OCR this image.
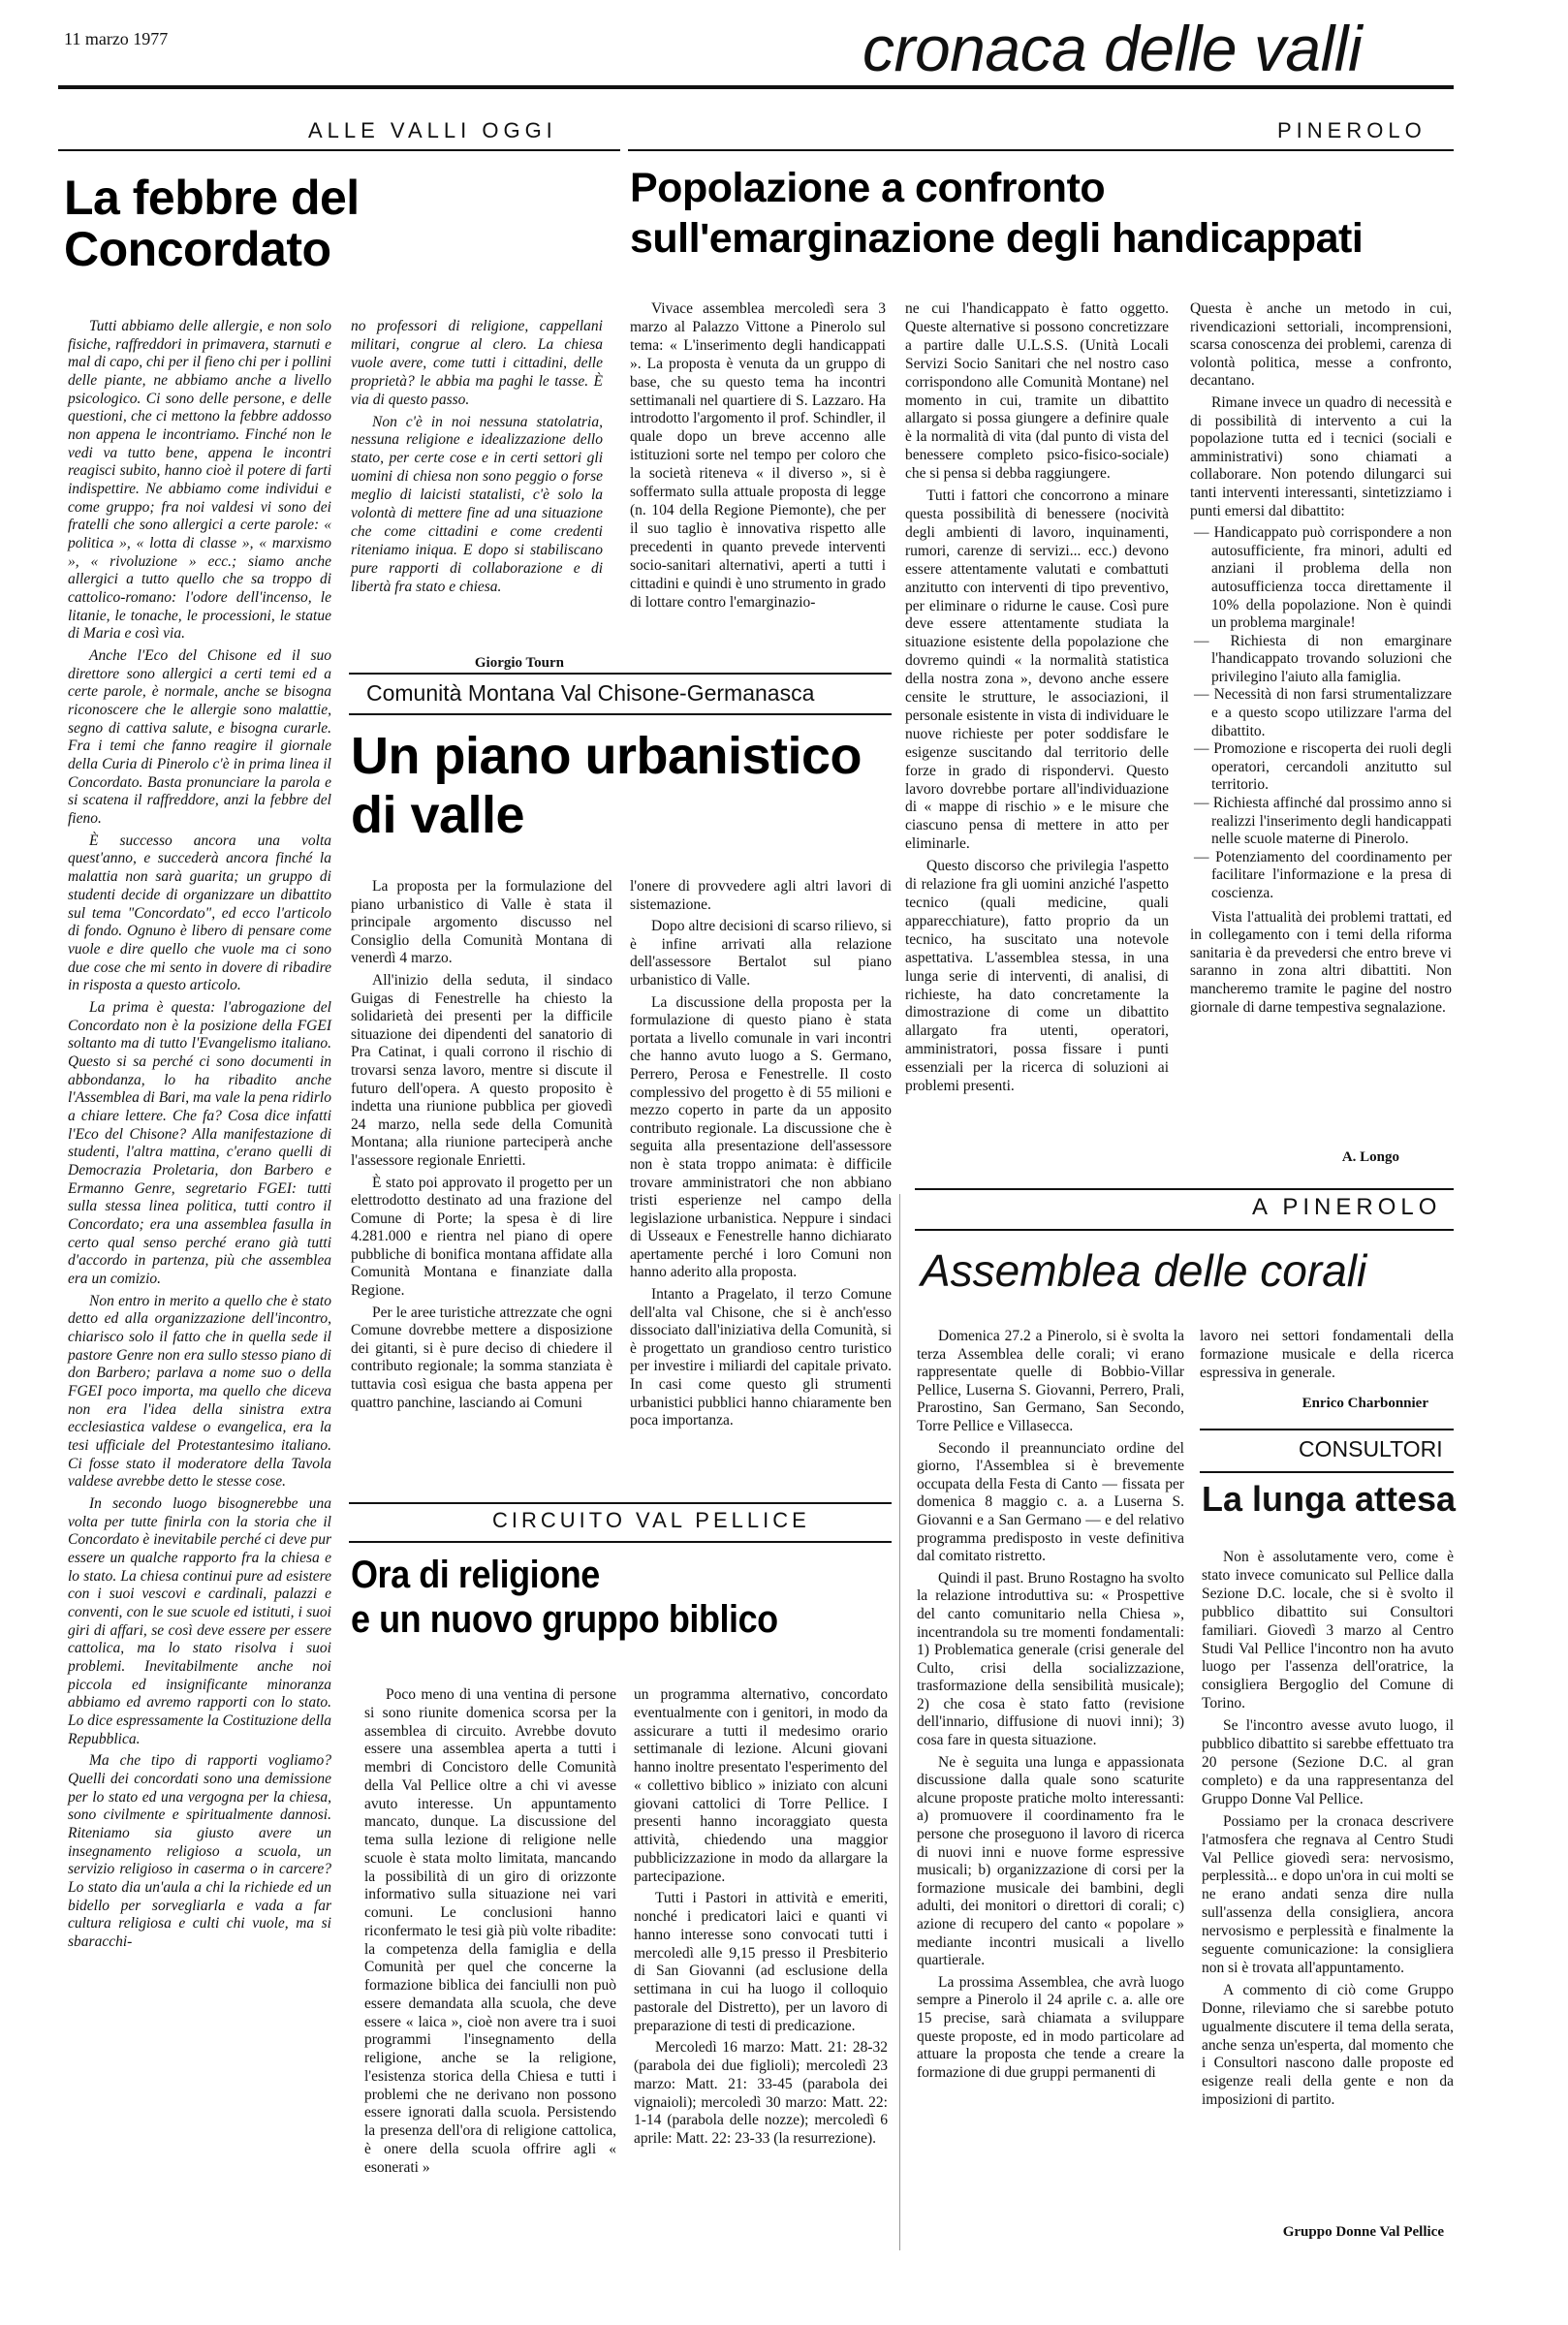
11 marzo 1977	cronaca delle valli
ALLE VALLI OGGI	PINEROLO
La febbre del Concordato

Tutti abbiamo delle allergie, e non solo fisiche, raffreddori in primavera, starnuti e mal di capo, chi per il fieno chi per i pollini delle piante, ne abbiamo anche a livello psicologico. Ci sono delle persone, e delle questioni, che ci mettono la febbre addosso non appena le incontriamo. Finché non le vedi va tutto bene, appena le incontri reagisci subito, hanno cioè il potere di farti indispettire. Ne abbiamo come individui e come gruppo; fra noi valdesi vi sono dei fratelli che sono allergici a certe parole: « politica », « lotta di classe », « marxismo », « rivoluzione » ecc.; siamo anche allergici a tutto quello che sa troppo di cattolico-romano: l'odore dell'incenso, le litanie, le tonache, le processioni, le statue di Maria e così via.

Anche l'Eco del Chisone ed il suo direttore sono allergici a certi temi ed a certe parole, è normale, anche se bisogna riconoscere che le allergie sono malattie, segno di cattiva salute, e bisogna curarle. Fra i temi che fanno reagire il giornale della Curia di Pinerolo c'è in prima linea il Concordato. Basta pronunciare la parola e si scatena il raffreddore, anzi la febbre del fieno.

È successo ancora una volta quest'anno, e succederà ancora finché la malattia non sarà guarita; un gruppo di studenti decide di organizzare un dibattito sul tema "Concordato", ed ecco l'articolo di fondo. Ognuno è libero di pensare come vuole e dire quello che vuole ma ci sono due cose che mi sento in dovere di ribadire in risposta a questo articolo.

La prima è questa: l'abrogazione del Concordato non è la posizione della FGEI soltanto ma di tutto l'Evangelismo italiano. Questo si sa perché ci sono documenti in abbondanza, lo ha ribadito anche l'Assemblea di Bari, ma vale la pena ridirlo a chiare lettere. Che fa? Cosa dice infatti l'Eco del Chisone? Alla manifestazione di studenti, l'altra mattina, c'erano quelli di Democrazia Proletaria, don Barbero e Ermanno Genre, segretario FGEI: tutti sulla stessa linea politica, tutti contro il Concordato; era una assemblea fasulla in certo qual senso perché erano già tutti d'accordo in partenza, più che assemblea era un comizio.

Non entro in merito a quello che è stato detto ed alla organizzazione dell'incontro, chiarisco solo il fatto che in quella sede il pastore Genre non era sullo stesso piano di don Barbero; parlava a nome suo o della FGEI poco importa, ma quello che diceva non era l'idea della sinistra extra ecclesiastica valdese o evangelica, era la tesi ufficiale del Protestantesimo italiano. Ci fosse stato il moderatore della Tavola valdese avrebbe detto le stesse cose.

In secondo luogo bisognerebbe una volta per tutte finirla con la storia che il Concordato è inevitabile perché ci deve pur essere un qualche rapporto fra la chiesa e lo stato. La chiesa continui pure ad esistere con i suoi vescovi e cardinali, palazzi e conventi, con le sue scuole ed istituti, i suoi giri di affari, se così deve essere per essere cattolica, ma lo stato risolva i suoi problemi. Inevitabilmente anche noi piccola ed insignificante minoranza abbiamo ed avremo rapporti con lo stato. Lo dice espressamente la Costituzione della Repubblica.

Ma che tipo di rapporti vogliamo? Quelli dei concordati sono una demissione per lo stato ed una vergogna per la chiesa, sono civilmente e spiritualmente dannosi. Riteniamo sia giusto avere un insegnamento religioso a scuola, un servizio religioso in caserma o in carcere? Lo stato dia un'aula a chi la richiede ed un bidello per sorvegliarla e vada a far cultura religiosa e culti chi vuole, ma si sbaracchi-

no professori di religione, cappellani militari, congrue al clero. La chiesa vuole avere, come tutti i cittadini, delle proprietà? le abbia ma paghi le tasse. È via di questo passo.

Non c'è in noi nessuna statolatria, nessuna religione e idealizzazione dello stato, per certe cose e in certi settori gli uomini di chiesa non sono peggio o forse meglio di laicisti statalisti, c'è solo la volontà di mettere fine ad una situazione che come cittadini e come credenti riteniamo iniqua. E dopo si stabiliscano pure rapporti di collaborazione e di libertà fra stato e chiesa.

Giorgio Tourn
Popolazione a confronto
sull'emarginazione degli handicappati

Vivace assemblea mercoledì sera 3 marzo al Palazzo Vittone a Pinerolo sul tema: « L'inserimento degli handicappati ». La proposta è venuta da un gruppo di base, che su questo tema ha incontri settimanali nel quartiere di S. Lazzaro. Ha introdotto l'argomento il prof. Schindler, il quale dopo un breve accenno alle istituzioni sorte nel tempo per coloro che la società riteneva « il diverso », si è soffermato sulla attuale proposta di legge (n. 104 della Regione Piemonte), che per il suo taglio è innovativa rispetto alle precedenti in quanto prevede interventi socio-sanitari alternativi, aperti a tutti i cittadini e quindi è uno strumento in grado di lottare contro l'emarginazio-

ne cui l'handicappato è fatto oggetto. Queste alternative si possono concretizzare a partire dalle U.L.S.S. (Unità Locali Servizi Socio Sanitari che nel nostro caso corrispondono alle Comunità Montane) nel momento in cui, tramite un dibattito allargato si possa giungere a definire quale è la normalità di vita (dal punto di vista del benessere completo psico-fisico-sociale) che si pensa si debba raggiungere.

Tutti i fattori che concorrono a minare questa possibilità di benessere (nocività degli ambienti di lavoro, inquinamenti, rumori, carenze di servizi... ecc.) devono essere attentamente valutati e combattuti anzitutto con interventi di tipo preventivo, per eliminare o ridurne le cause. Così pure deve essere attentamente studiata la situazione esistente della popolazione che dovremo quindi « la normalità statistica della nostra zona », devono anche essere censite le strutture, le associazioni, il personale esistente in vista di individuare le nuove richieste per poter soddisfare le esigenze suscitando dal territorio delle forze in grado di rispondervi. Questo lavoro dovrebbe portare all'individuazione di « mappe di rischio » e le misure che ciascuno pensa di mettere in atto per eliminarle.

Questo discorso che privilegia l'aspetto di relazione fra gli uomini anziché l'aspetto tecnico (quali medicine, quali apparecchiature), fatto proprio da un tecnico, ha suscitato una notevole aspettativa. L'assemblea stessa, in una lunga serie di interventi, di analisi, di richieste, ha dato concretamente la dimostrazione di come un dibattito allargato fra utenti, operatori, amministratori, possa fissare i punti essenziali per la ricerca di soluzioni ai problemi presenti.

Questa è anche un metodo in cui, rivendicazioni settoriali, incomprensioni, scarsa conoscenza dei problemi, carenza di volontà politica, messe a confronto, decantano.

Rimane invece un quadro di necessità e di possibilità di intervento a cui la popolazione tutta ed i tecnici (sociali e amministrativi) sono chiamati a collaborare. Non potendo dilungarci sui tanti interventi interessanti, sintetizziamo i punti emersi dal dibattito:

— Handicappato può corrispondere a non autosufficiente, fra minori, adulti ed anziani il problema della non autosufficienza tocca direttamente il 10% della popolazione. Non è quindi un problema marginale!
— Richiesta di non emarginare l'handicappato trovando soluzioni che privilegino l'aiuto alla famiglia.
— Necessità di non farsi strumentalizzare e a questo scopo utilizzare l'arma del dibattito.
— Promozione e riscoperta dei ruoli degli operatori, cercandoli anzitutto sul territorio.
— Richiesta affinché dal prossimo anno si realizzi l'inserimento degli handicappati nelle scuole materne di Pinerolo.
— Potenziamento del coordinamento per facilitare l'informazione e la presa di coscienza.

Vista l'attualità dei problemi trattati, ed in collegamento con i temi della riforma sanitaria è da prevedersi che entro breve vi saranno in zona altri dibattiti. Non mancheremo tramite le pagine del nostro giornale di darne tempestiva segnalazione.

A. Longo
Comunità Montana Val Chisone-Germanasca
Un piano urbanistico
di valle

La proposta per la formulazione del piano urbanistico di Valle è stata il principale argomento discusso nel Consiglio della Comunità Montana di venerdì 4 marzo.

All'inizio della seduta, il sindaco Guigas di Fenestrelle ha chiesto la solidarietà dei presenti per la difficile situazione dei dipendenti del sanatorio di Pra Catinat, i quali corrono il rischio di trovarsi senza lavoro, mentre si discute il futuro dell'opera. A questo proposito è indetta una riunione pubblica per giovedì 24 marzo, nella sede della Comunità Montana; alla riunione parteciperà anche l'assessore regionale Enrietti.

È stato poi approvato il progetto per un elettrodotto destinato ad una frazione del Comune di Porte; la spesa è di lire 4.281.000 e rientra nel piano di opere pubbliche di bonifica montana affidate alla Comunità Montana e finanziate dalla Regione.

Per le aree turistiche attrezzate che ogni Comune dovrebbe mettere a disposizione dei gitanti, si è pure deciso di chiedere il contributo regionale; la somma stanziata è tuttavia così esigua che basta appena per quattro panchine, lasciando ai Comuni

l'onere di provvedere agli altri lavori di sistemazione.

Dopo altre decisioni di scarso rilievo, si è infine arrivati alla relazione dell'assessore Bertalot sul piano urbanistico di Valle.

La discussione della proposta per la formulazione di questo piano è stata portata a livello comunale in vari incontri che hanno avuto luogo a S. Germano, Perrero, Perosa e Fenestrelle. Il costo complessivo del progetto è di 55 milioni e mezzo coperto in parte da un apposito contributo regionale. La discussione che è seguita alla presentazione dell'assessore non è stata troppo animata: è difficile trovare amministratori che non abbiano tristi esperienze nel campo della legislazione urbanistica. Neppure i sindaci di Usseaux e Fenestrelle hanno dichiarato apertamente perché i loro Comuni non hanno aderito alla proposta.

Intanto a Pragelato, il terzo Comune dell'alta val Chisone, che si è anch'esso dissociato dall'iniziativa della Comunità, si è progettato un grandioso centro turistico per investire i miliardi del capitale privato. In casi come questo gli strumenti urbanistici pubblici hanno chiaramente ben poca importanza.

CIRCUITO VAL PELLICE
Ora di religione
e un nuovo gruppo biblico

Poco meno di una ventina di persone si sono riunite domenica scorsa per la assemblea di circuito. Avrebbe dovuto essere una assemblea aperta a tutti i membri di Concistoro delle Comunità della Val Pellice oltre a chi vi avesse avuto interesse. Un appuntamento mancato, dunque. La discussione del tema sulla lezione di religione nelle scuole è stata molto limitata, mancando la possibilità di un giro di orizzonte informativo sulla situazione nei vari comuni. Le conclusioni hanno riconfermato le tesi già più volte ribadite: la competenza della famiglia e della Comunità per quel che concerne la formazione biblica dei fanciulli non può essere demandata alla scuola, che deve essere « laica », cioè non avere tra i suoi programmi l'insegnamento della religione, anche se la religione, l'esistenza storica della Chiesa e tutti i problemi che ne derivano non possono essere ignorati dalla scuola. Persistendo la presenza dell'ora di religione cattolica, è onere della scuola offrire agli « esonerati »

un programma alternativo, concordato eventualmente con i genitori, in modo da assicurare a tutti il medesimo orario settimanale di lezione. Alcuni giovani hanno inoltre presentato l'esperimento del « collettivo biblico » iniziato con alcuni giovani cattolici di Torre Pellice. I presenti hanno incoraggiato questa attività, chiedendo una maggior pubblicizzazione in modo da allargare la partecipazione.

Tutti i Pastori in attività e emeriti, nonché i predicatori laici e quanti vi hanno interesse sono convocati tutti i mercoledì alle 9,15 presso il Presbiterio di San Giovanni (ad esclusione della settimana in cui ha luogo il colloquio pastorale del Distretto), per un lavoro di preparazione di testi di predicazione.

Mercoledì 16 marzo: Matt. 21: 28-32 (parabola dei due figlioli); mercoledì 23 marzo: Matt. 21: 33-45 (parabola dei vignaioli); mercoledì 30 marzo: Matt. 22: 1-14 (parabola delle nozze); mercoledì 6 aprile: Matt. 22: 23-33 (la resurrezione).

A PINEROLO
Assemblea delle corali

Domenica 27.2 a Pinerolo, si è svolta la terza Assemblea delle corali; vi erano rappresentate quelle di Bobbio-Villar Pellice, Luserna S. Giovanni, Perrero, Prali, Prarostino, San Germano, San Secondo, Torre Pellice e Villasecca.

Secondo il preannunciato ordine del giorno, l'Assemblea si è brevemente occupata della Festa di Canto — fissata per domenica 8 maggio c. a. a Luserna S. Giovanni e a San Germano — e del relativo programma predisposto in veste definitiva dal comitato ristretto.

Quindi il past. Bruno Rostagno ha svolto la relazione introduttiva su: « Prospettive del canto comunitario nella Chiesa », incentrandola su tre momenti fondamentali: 1) Problematica generale (crisi generale del Culto, crisi della socializzazione, trasformazione della sensibilità musicale); 2) che cosa è stato fatto (revisione dell'innario, diffusione di nuovi inni); 3) cosa fare in questa situazione.

Ne è seguita una lunga e appassionata discussione dalla quale sono scaturite alcune proposte pratiche molto interessanti: a) promuovere il coordinamento fra le persone che proseguono il lavoro di ricerca di nuovi inni e nuove forme espressive musicali; b) organizzazione di corsi per la formazione musicale dei bambini, degli adulti, dei monitori o direttori di corali; c) azione di recupero del canto « popolare » mediante incontri musicali a livello quartierale.

La prossima Assemblea, che avrà luogo sempre a Pinerolo il 24 aprile c. a. alle ore 15 precise, sarà chiamata a sviluppare queste proposte, ed in modo particolare ad attuare la proposta che tende a creare la formazione di due gruppi permanenti di

lavoro nei settori fondamentali della formazione musicale e della ricerca espressiva in generale.

Enrico Charbonnier
CONSULTORI
La lunga attesa

Non è assolutamente vero, come è stato invece comunicato sul Pellice dalla Sezione D.C. locale, che si è svolto il pubblico dibattito sui Consultori familiari. Giovedì 3 marzo al Centro Studi Val Pellice l'incontro non ha avuto luogo per l'assenza dell'oratrice, la consigliera Bergoglio del Comune di Torino.

Se l'incontro avesse avuto luogo, il pubblico dibattito si sarebbe effettuato tra 20 persone (Sezione D.C. al gran completo) e da una rappresentanza del Gruppo Donne Val Pellice.

Possiamo per la cronaca descrivere l'atmosfera che regnava al Centro Studi Val Pellice giovedì sera: nervosismo, perplessità... e dopo un'ora in cui molti se ne erano andati senza dire nulla sull'assenza della consigliera, ancora nervosismo e perplessità e finalmente la seguente comunicazione: la consigliera non si è trovata all'appuntamento.

A commento di ciò come Gruppo Donne, rileviamo che si sarebbe potuto ugualmente discutere il tema della serata, anche senza un'esperta, dal momento che i Consultori nascono dalle proposte ed esigenze reali della gente e non da imposizioni di partito.

Gruppo Donne Val Pellice
